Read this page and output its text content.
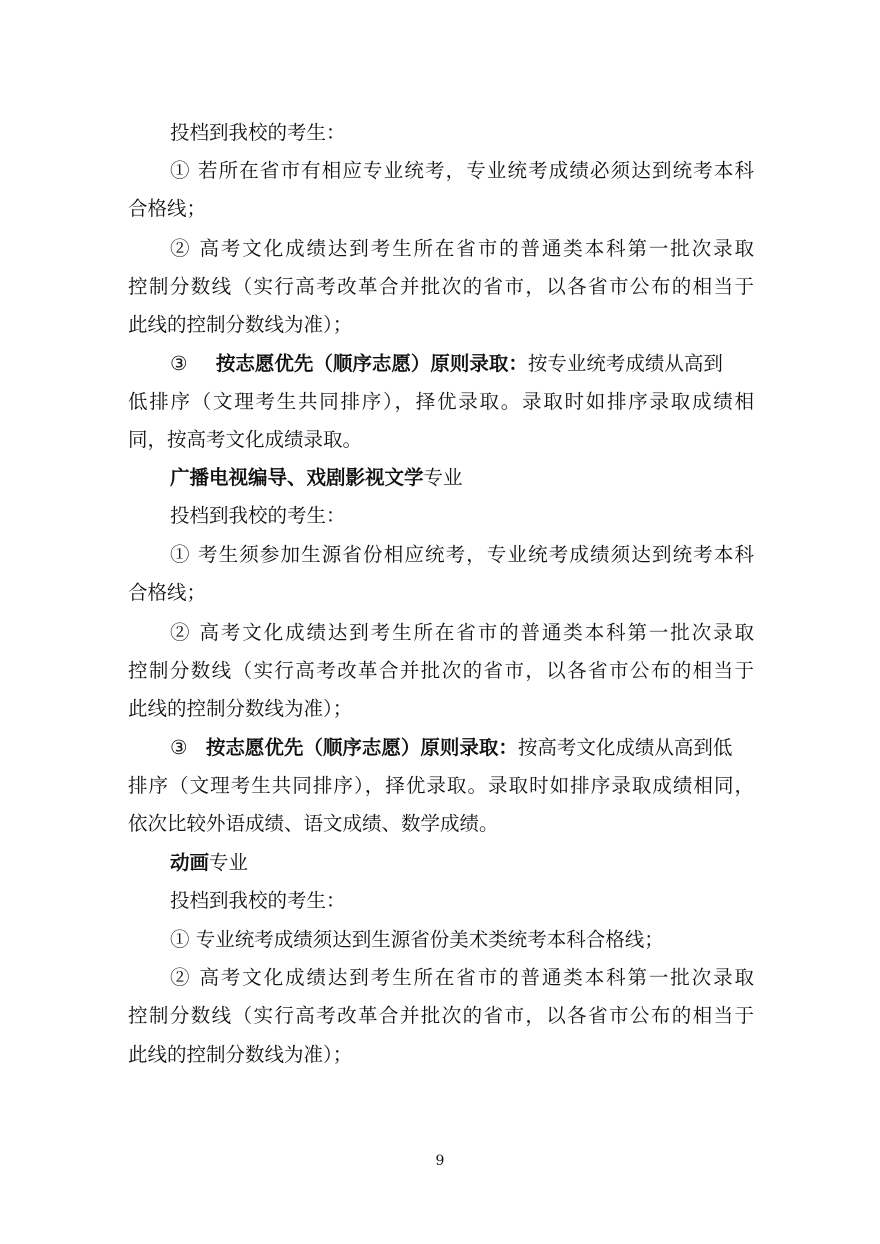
投档到我校的考生：
① 若所在省市有相应专业统考，专业统考成绩必须达到统考本科
合格线；
② 高考文化成绩达到考生所在省市的普通类本科第一批次录取
控制分数线（实行高考改革合并批次的省市，以各省市公布的相当于
此线的控制分数线为准）；
③ 按志愿优先（顺序志愿）原则录取：按专业统考成绩从高到
低排序（文理考生共同排序），择优录取。录取时如排序录取成绩相
同，按高考文化成绩录取。
广播电视编导、戏剧影视文学专业
投档到我校的考生：
① 考生须参加生源省份相应统考，专业统考成绩须达到统考本科
合格线；
② 高考文化成绩达到考生所在省市的普通类本科第一批次录取
控制分数线（实行高考改革合并批次的省市，以各省市公布的相当于
此线的控制分数线为准）；
③ 按志愿优先（顺序志愿）原则录取：按高考文化成绩从高到低
排序（文理考生共同排序），择优录取。录取时如排序录取成绩相同，
依次比较外语成绩、语文成绩、数学成绩。
动画专业
投档到我校的考生：
① 专业统考成绩须达到生源省份美术类统考本科合格线；
② 高考文化成绩达到考生所在省市的普通类本科第一批次录取
控制分数线（实行高考改革合并批次的省市，以各省市公布的相当于
此线的控制分数线为准）；
9
